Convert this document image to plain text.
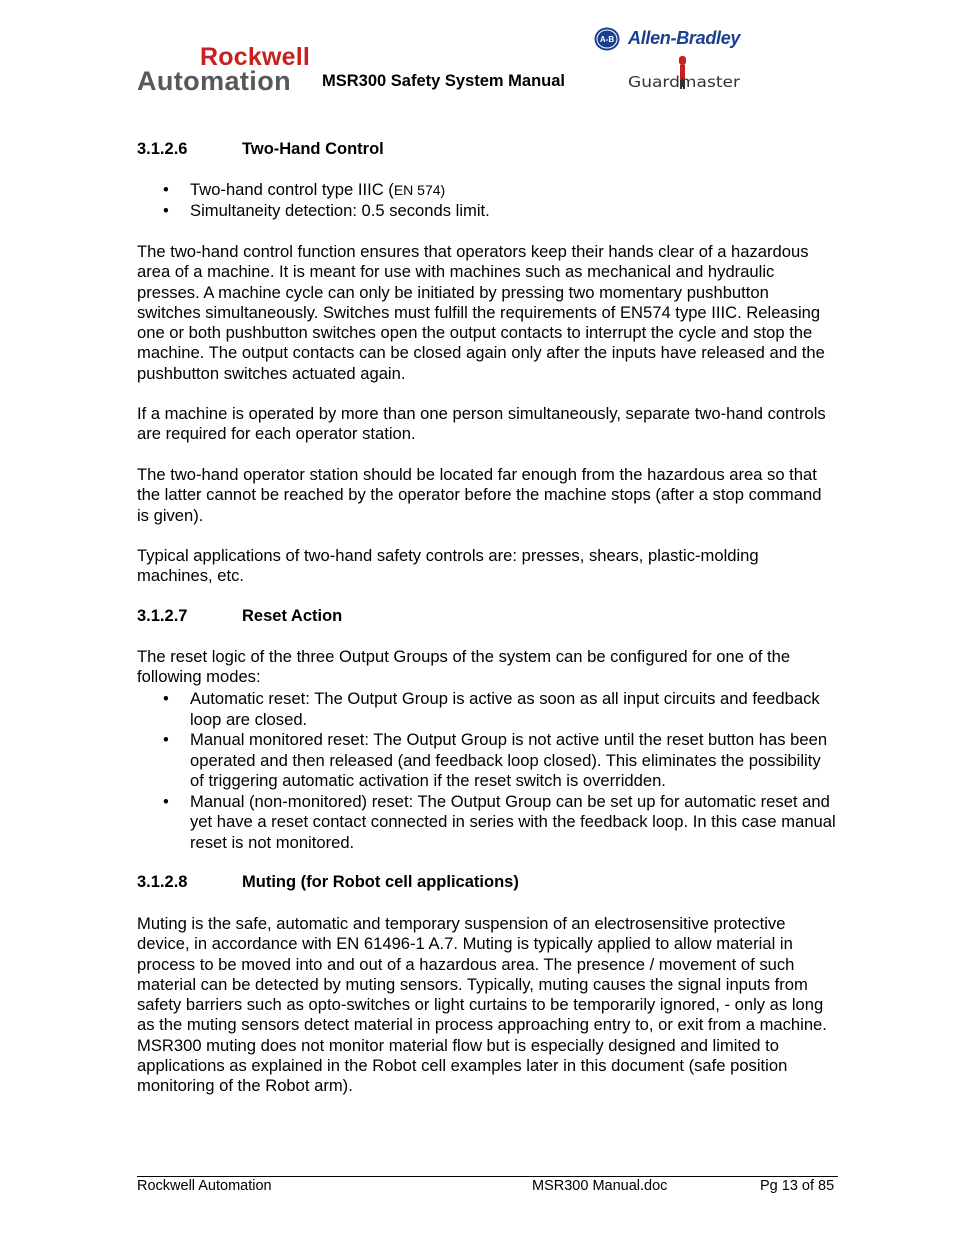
Rockwell
Automation	MSR300 Safety System Manual
A-B Allen-Bradley
Guardmaster
3.1.2.6	Two-Hand Control
• Two-hand control type IIIC (EN 574)
• Simultaneity detection: 0.5 seconds limit.

The two-hand control function ensures that operators keep their hands clear of a hazardous area of a machine. It is meant for use with machines such as mechanical and hydraulic presses. A machine cycle can only be initiated by pressing two momentary pushbutton switches simultaneously. Switches must fulfill the requirements of EN574 type IIIC. Releasing one or both pushbutton switches open the output contacts to interrupt the cycle and stop the machine. The output contacts can be closed again only after the inputs have released and the pushbutton switches actuated again.

If a machine is operated by more than one person simultaneously, separate two-hand controls are required for each operator station.

The two-hand operator station should be located far enough from the hazardous area so that the latter cannot be reached by the operator before the machine stops (after a stop command is given).

Typical applications of two-hand safety controls are: presses, shears, plastic-molding machines, etc.

3.1.2.7	Reset Action

The reset logic of the three Output Groups of the system can be configured for one of the following modes:

• Automatic reset: The Output Group is active as soon as all input circuits and feedback loop are closed.
• Manual monitored reset: The Output Group is not active until the reset button has been operated and then released (and feedback loop closed). This eliminates the possibility of triggering automatic activation if the reset switch is overridden.
• Manual (non-monitored) reset: The Output Group can be set up for automatic reset and yet have a reset contact connected in series with the feedback loop. In this case manual reset is not monitored.
3.1.2.8	Muting (for Robot cell applications)

Muting is the safe, automatic and temporary suspension of an electrosensitive protective device, in accordance with EN 61496-1 A.7. Muting is typically applied to allow material in process to be moved into and out of a hazardous area. The presence / movement of such material can be detected by muting sensors. Typically, muting causes the signal inputs from safety barriers such as opto-switches or light curtains to be temporarily ignored, - only as long as the muting sensors detect material in process approaching entry to, or exit from a machine. MSR300 muting does not monitor material flow but is especially designed and limited to applications as explained in the Robot cell examples later in this document (safe position monitoring of the Robot arm).

Rockwell Automation	MSR300 Manual.doc	Pg 13 of 85
